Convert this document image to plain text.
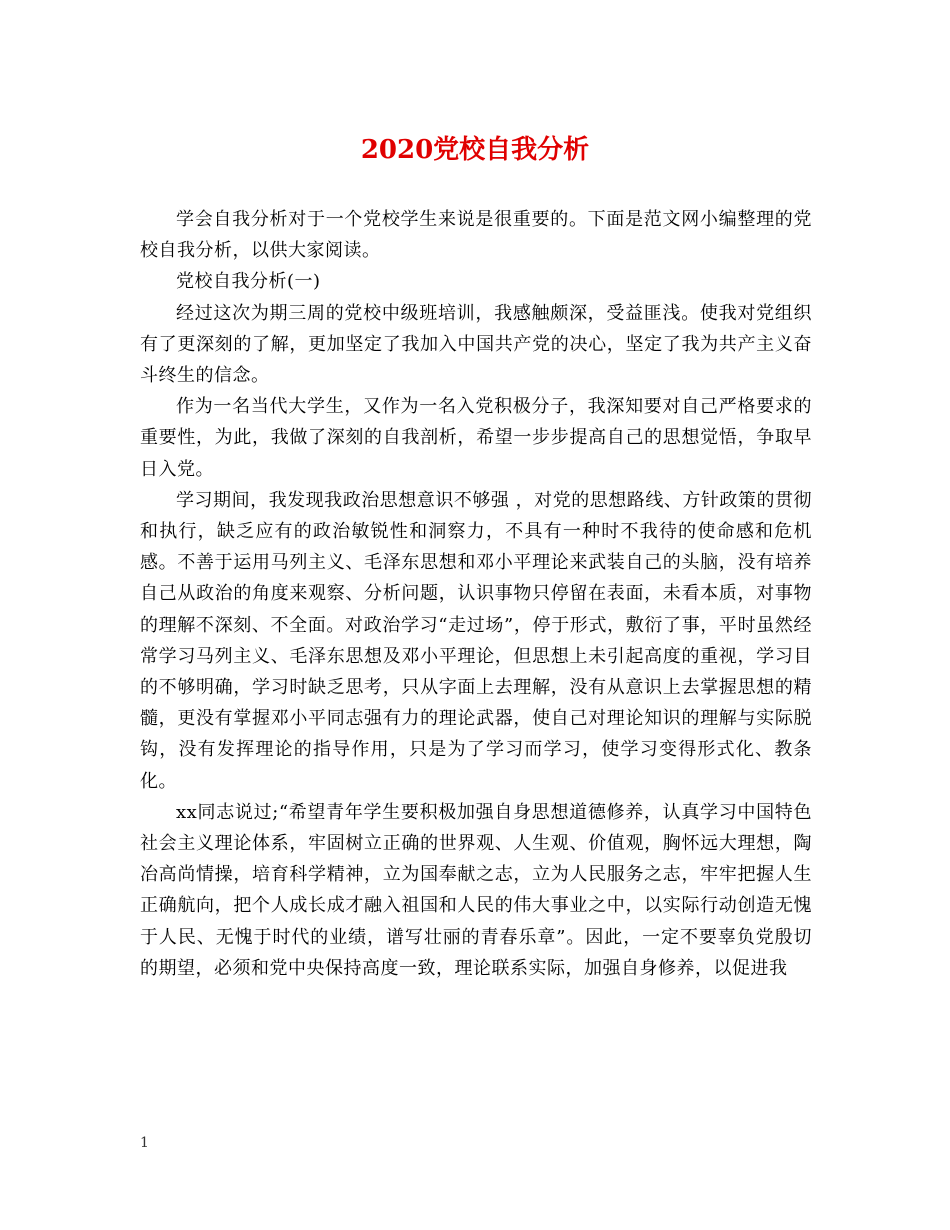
2020党校自我分析

学会自我分析对于一个党校学生来说是很重要的。下面是范文网小编整理的党校自我分析，以供大家阅读。

党校自我分析(一)

经过这次为期三周的党校中级班培训，我感触颇深，受益匪浅。使我对党组织有了更深刻的了解，更加坚定了我加入中国共产党的决心，坚定了我为共产主义奋斗终生的信念。

作为一名当代大学生，又作为一名入党积极分子，我深知要对自己严格要求的重要性，为此，我做了深刻的自我剖析，希望一步步提高自己的思想觉悟，争取早日入党。

学习期间，我发现我政治思想意识不够强 ，对党的思想路线、方针政策的贯彻和执行，缺乏应有的政治敏锐性和洞察力，不具有一种时不我待的使命感和危机感。不善于运用马列主义、毛泽东思想和邓小平理论来武装自己的头脑，没有培养自己从政治的角度来观察、分析问题，认识事物只停留在表面，未看本质，对事物的理解不深刻、不全面。对政治学习“走过场”，停于形式，敷衍了事，平时虽然经常学习马列主义、毛泽东思想及邓小平理论，但思想上未引起高度的重视，学习目的不够明确，学习时缺乏思考，只从字面上去理解，没有从意识上去掌握思想的精髓，更没有掌握邓小平同志强有力的理论武器，使自己对理论知识的理解与实际脱钩，没有发挥理论的指导作用，只是为了学习而学习，使学习变得形式化、教条化。

xx同志说过;“希望青年学生要积极加强自身思想道德修养，认真学习中国特色社会主义理论体系，牢固树立正确的世界观、人生观、价值观，胸怀远大理想，陶冶高尚情操，培育科学精神，立为国奉献之志，立为人民服务之志，牢牢把握人生正确航向，把个人成长成才融入祖国和人民的伟大事业之中，以实际行动创造无愧于人民、无愧于时代的业绩，谱写壮丽的青春乐章”。因此，一定不要辜负党殷切的期望，必须和党中央保持高度一致，理论联系实际，加强自身修养，以促进我

1
